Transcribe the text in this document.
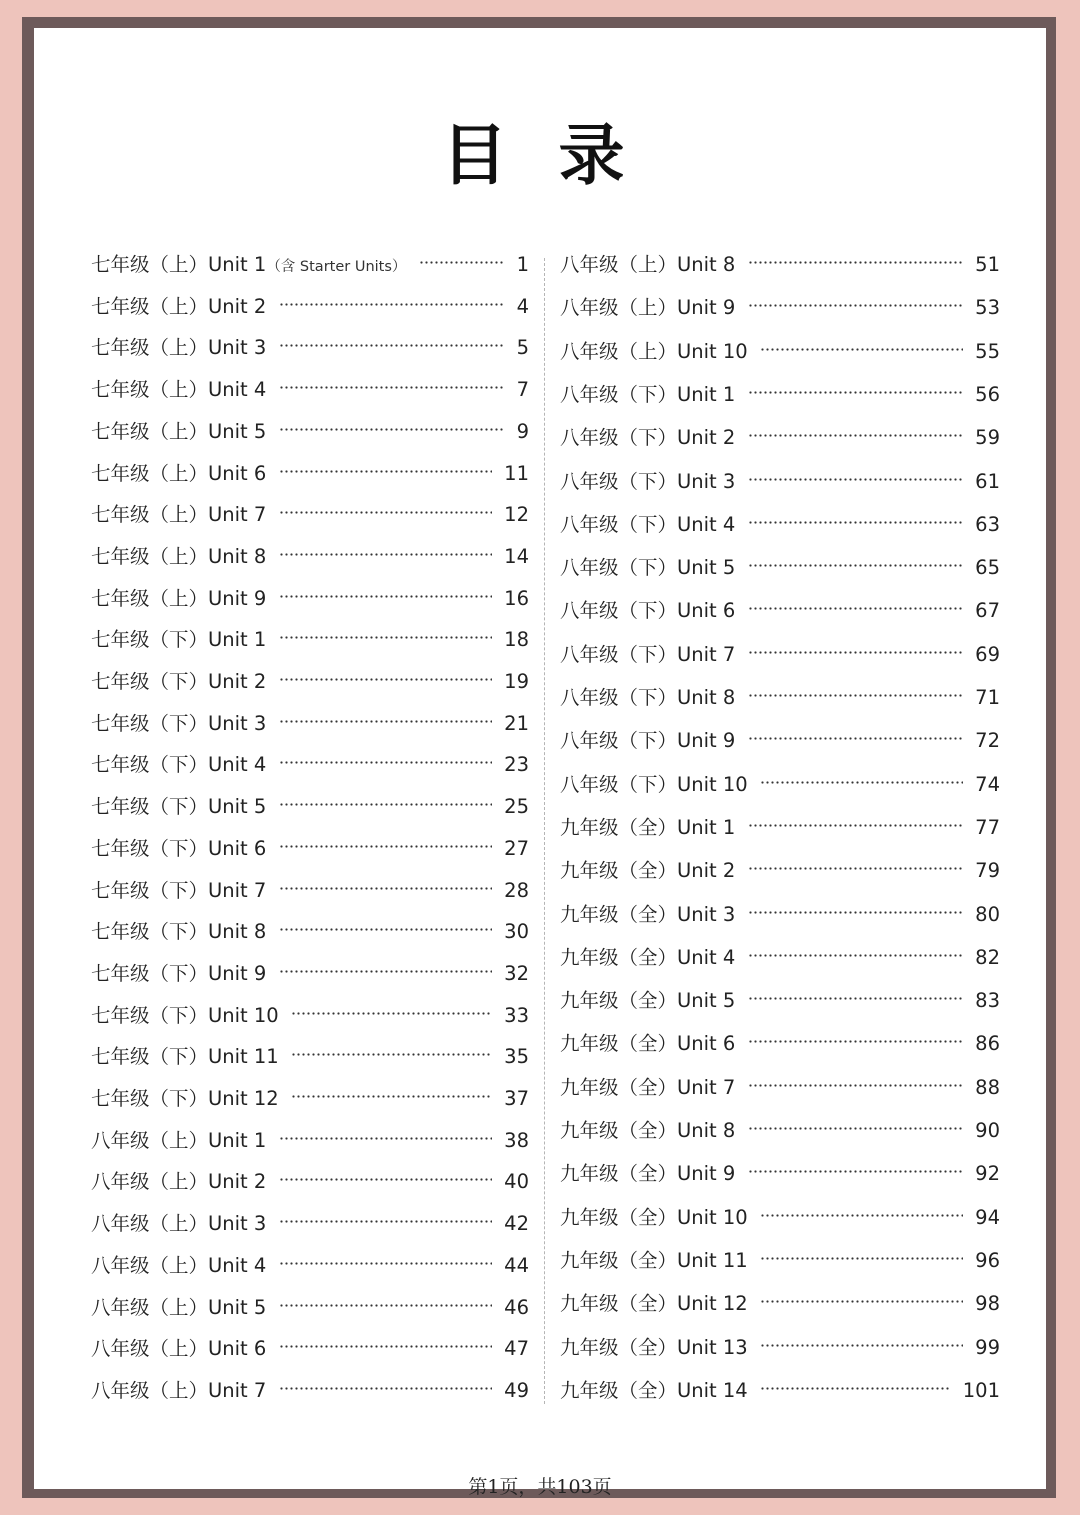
目 录
七年级（上）Unit 1（含 Starter Units）	1
七年级（上）Unit 2	4
七年级（上）Unit 3	5
七年级（上）Unit 4	7
七年级（上）Unit 5	9
七年级（上）Unit 6	11
七年级（上）Unit 7	12
七年级（上）Unit 8	14
七年级（上）Unit 9	16
七年级（下）Unit 1	18
七年级（下）Unit 2	19
七年级（下）Unit 3	21
七年级（下）Unit 4	23
七年级（下）Unit 5	25
七年级（下）Unit 6	27
七年级（下）Unit 7	28
七年级（下）Unit 8	30
七年级（下）Unit 9	32
七年级（下）Unit 10	33
七年级（下）Unit 11	35
七年级（下）Unit 12	37
八年级（上）Unit 1	38
八年级（上）Unit 2	40
八年级（上）Unit 3	42
八年级（上）Unit 4	44
八年级（上）Unit 5	46
八年级（上）Unit 6	47
八年级（上）Unit 7	49
八年级（上）Unit 8	51
八年级（上）Unit 9	53
八年级（上）Unit 10	55
八年级（下）Unit 1	56
八年级（下）Unit 2	59
八年级（下）Unit 3	61
八年级（下）Unit 4	63
八年级（下）Unit 5	65
八年级（下）Unit 6	67
八年级（下）Unit 7	69
八年级（下）Unit 8	71
八年级（下）Unit 9	72
八年级（下）Unit 10	74
九年级（全）Unit 1	77
九年级（全）Unit 2	79
九年级（全）Unit 3	80
九年级（全）Unit 4	82
九年级（全）Unit 5	83
九年级（全）Unit 6	86
九年级（全）Unit 7	88
九年级（全）Unit 8	90
九年级（全）Unit 9	92
九年级（全）Unit 10	94
九年级（全）Unit 11	96
九年级（全）Unit 12	98
九年级（全）Unit 13	99
九年级（全）Unit 14	101
第1页，共103页
